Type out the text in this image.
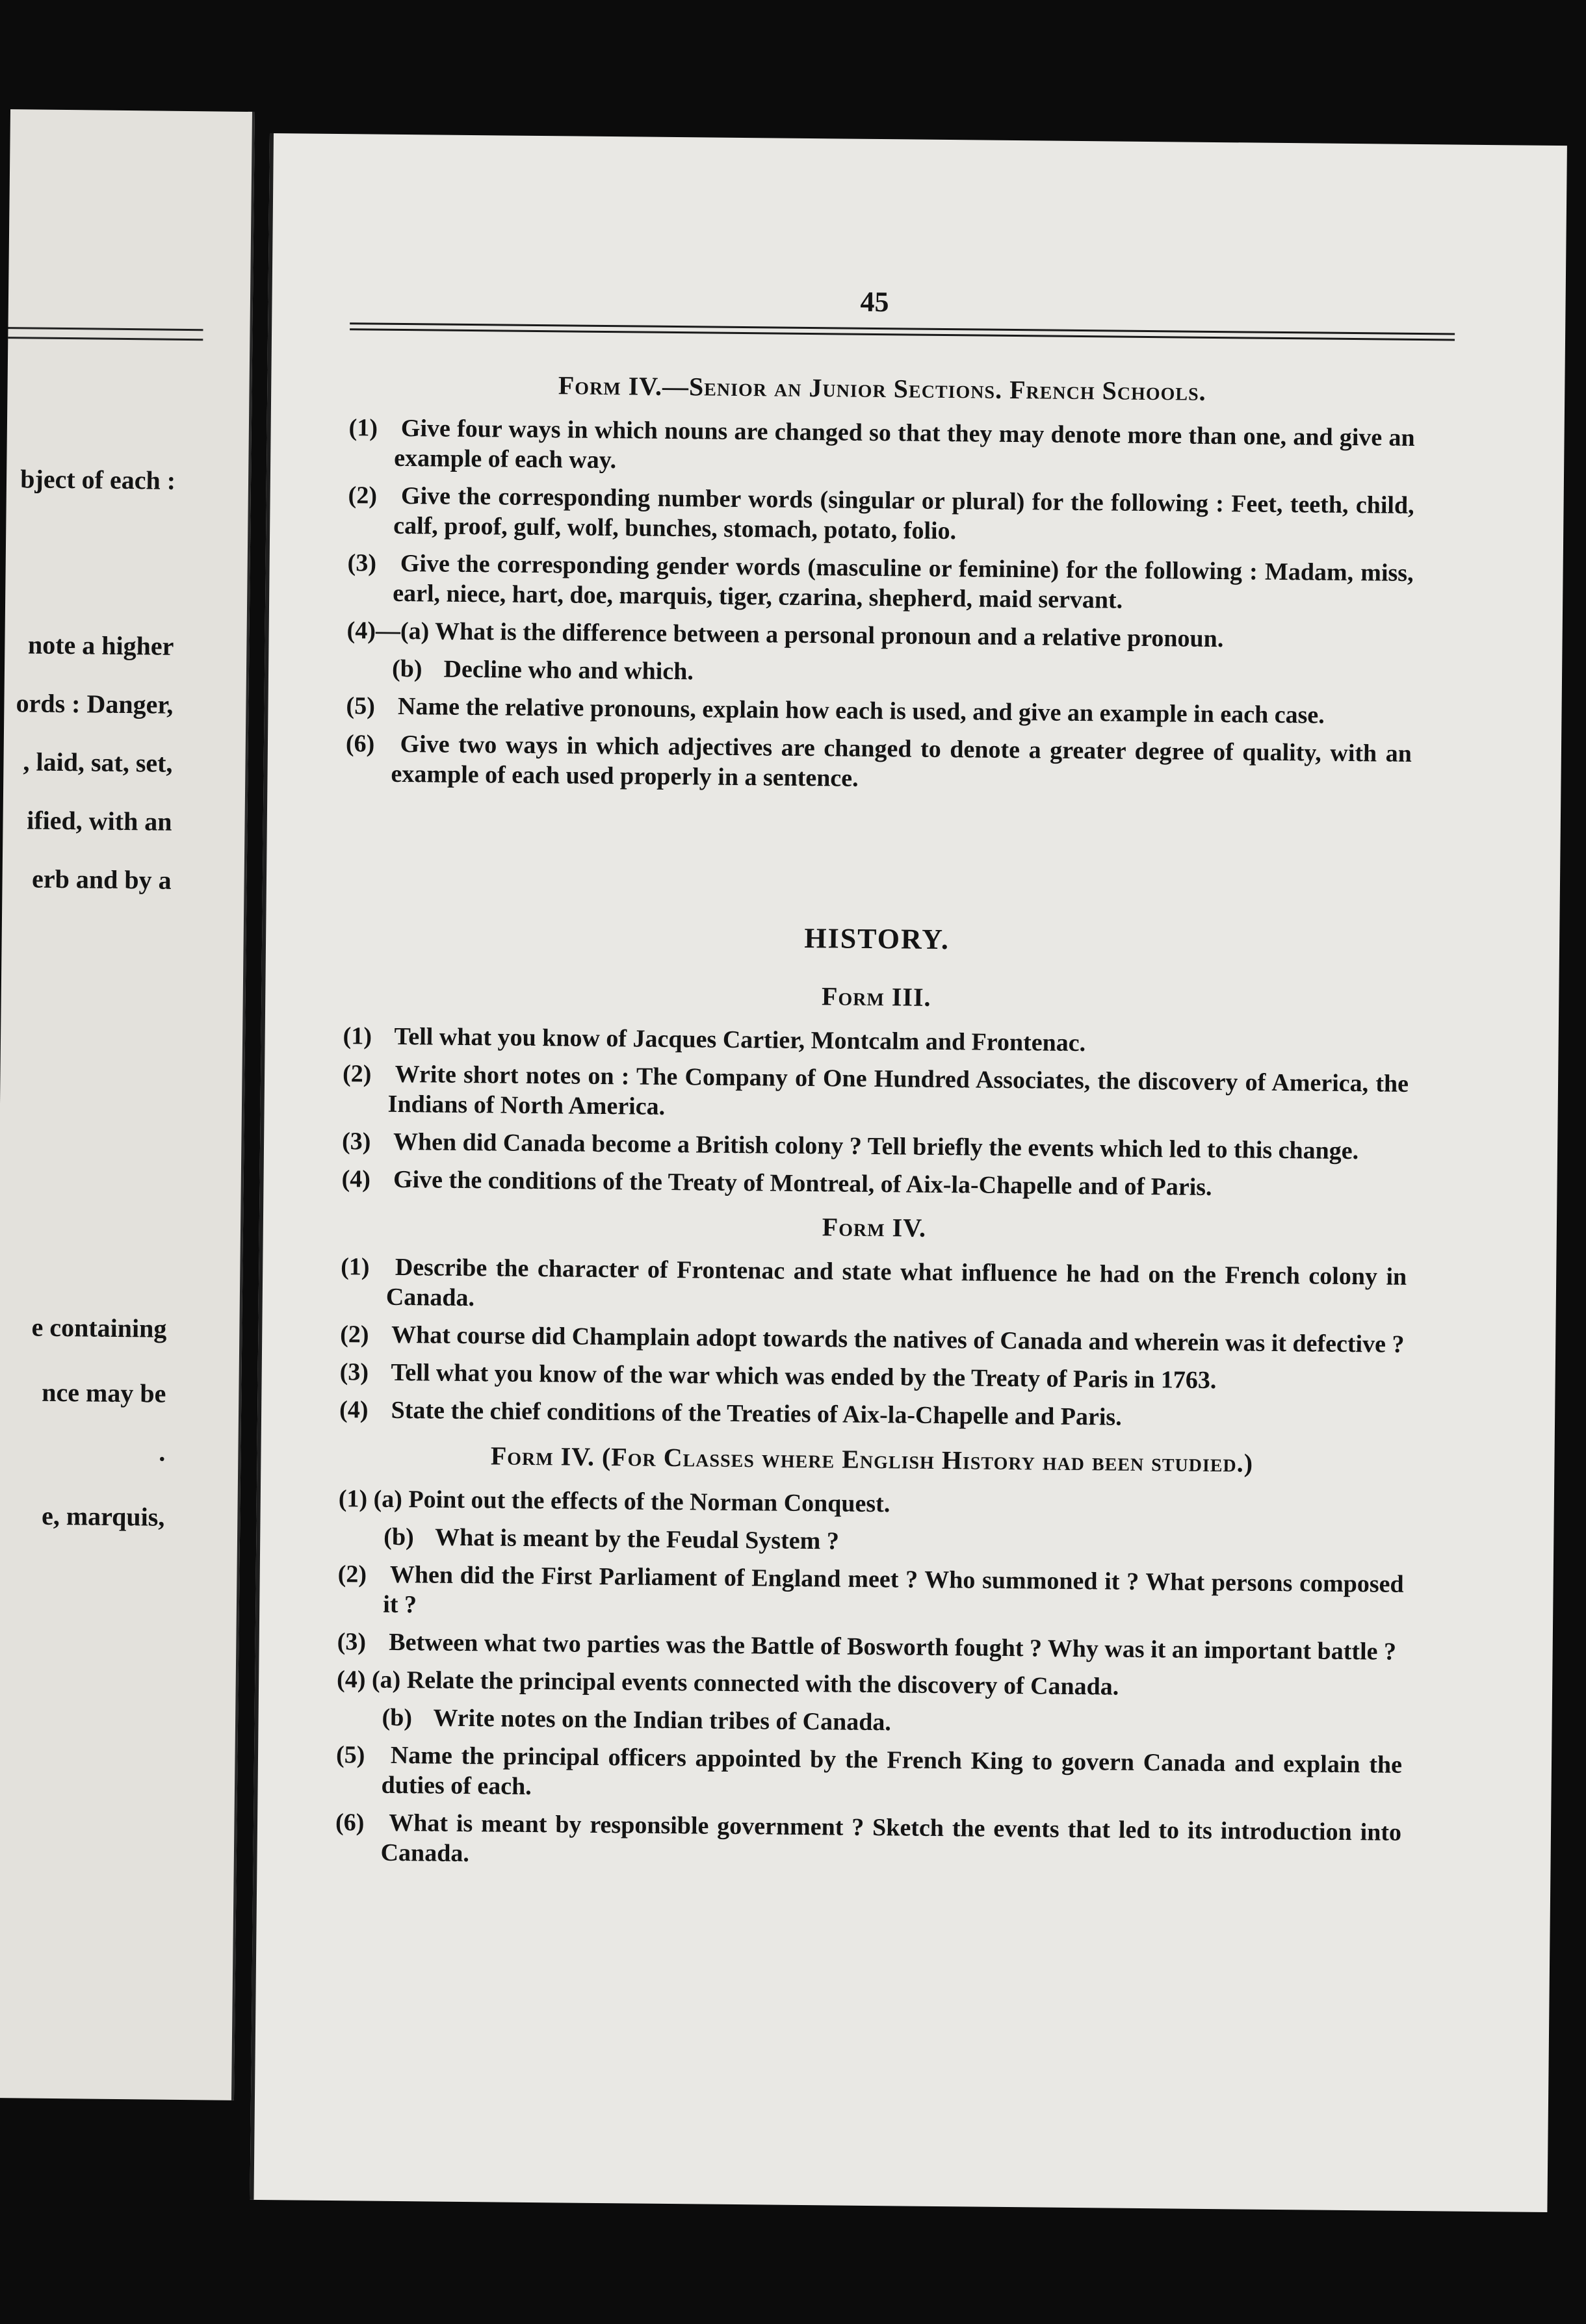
bject of each :
note a higher
ords : Danger,
, laid, sat, set,
ified, with an
erb and by a
e containing
nce may be
.
e, marquis,
45
Form IV.—Senior an Junior Sections. French Schools.
(1) Give four ways in which nouns are changed so that they may denote more than one, and give an example of each way.
(2) Give the corresponding number words (singular or plural) for the following : Feet, teeth, child, calf, proof, gulf, wolf, bunches, stomach, potato, folio.
(3) Give the corresponding gender words (masculine or feminine) for the following : Madam, miss, earl, niece, hart, doe, marquis, tiger, czarina, shepherd, maid servant.
(4)—(a) What is the difference between a personal pronoun and a relative pronoun.
(b) Decline who and which.
(5) Name the relative pronouns, explain how each is used, and give an example in each case.
(6) Give two ways in which adjectives are changed to denote a greater degree of quality, with an example of each used properly in a sentence.
HISTORY.
Form III.
(1) Tell what you know of Jacques Cartier, Montcalm and Frontenac.
(2) Write short notes on : The Company of One Hundred Associates, the discovery of America, the Indians of North America.
(3) When did Canada become a British colony ? Tell briefly the events which led to this change.
(4) Give the conditions of the Treaty of Montreal, of Aix-la-Chapelle and of Paris.
Form IV.
(1) Describe the character of Frontenac and state what influence he had on the French colony in Canada.
(2) What course did Champlain adopt towards the natives of Canada and wherein was it defective ?
(3) Tell what you know of the war which was ended by the Treaty of Paris in 1763.
(4) State the chief conditions of the Treaties of Aix-la-Chapelle and Paris.
Form IV. (For Classes where English History had been studied.)
(1) (a) Point out the effects of the Norman Conquest.
(b) What is meant by the Feudal System ?
(2) When did the First Parliament of England meet ? Who summoned it ? What persons composed it ?
(3) Between what two parties was the Battle of Bosworth fought ? Why was it an important battle ?
(4) (a) Relate the principal events connected with the discovery of Canada.
(b) Write notes on the Indian tribes of Canada.
(5) Name the principal officers appointed by the French King to govern Canada and explain the duties of each.
(6) What is meant by responsible government ? Sketch the events that led to its introduction into Canada.
